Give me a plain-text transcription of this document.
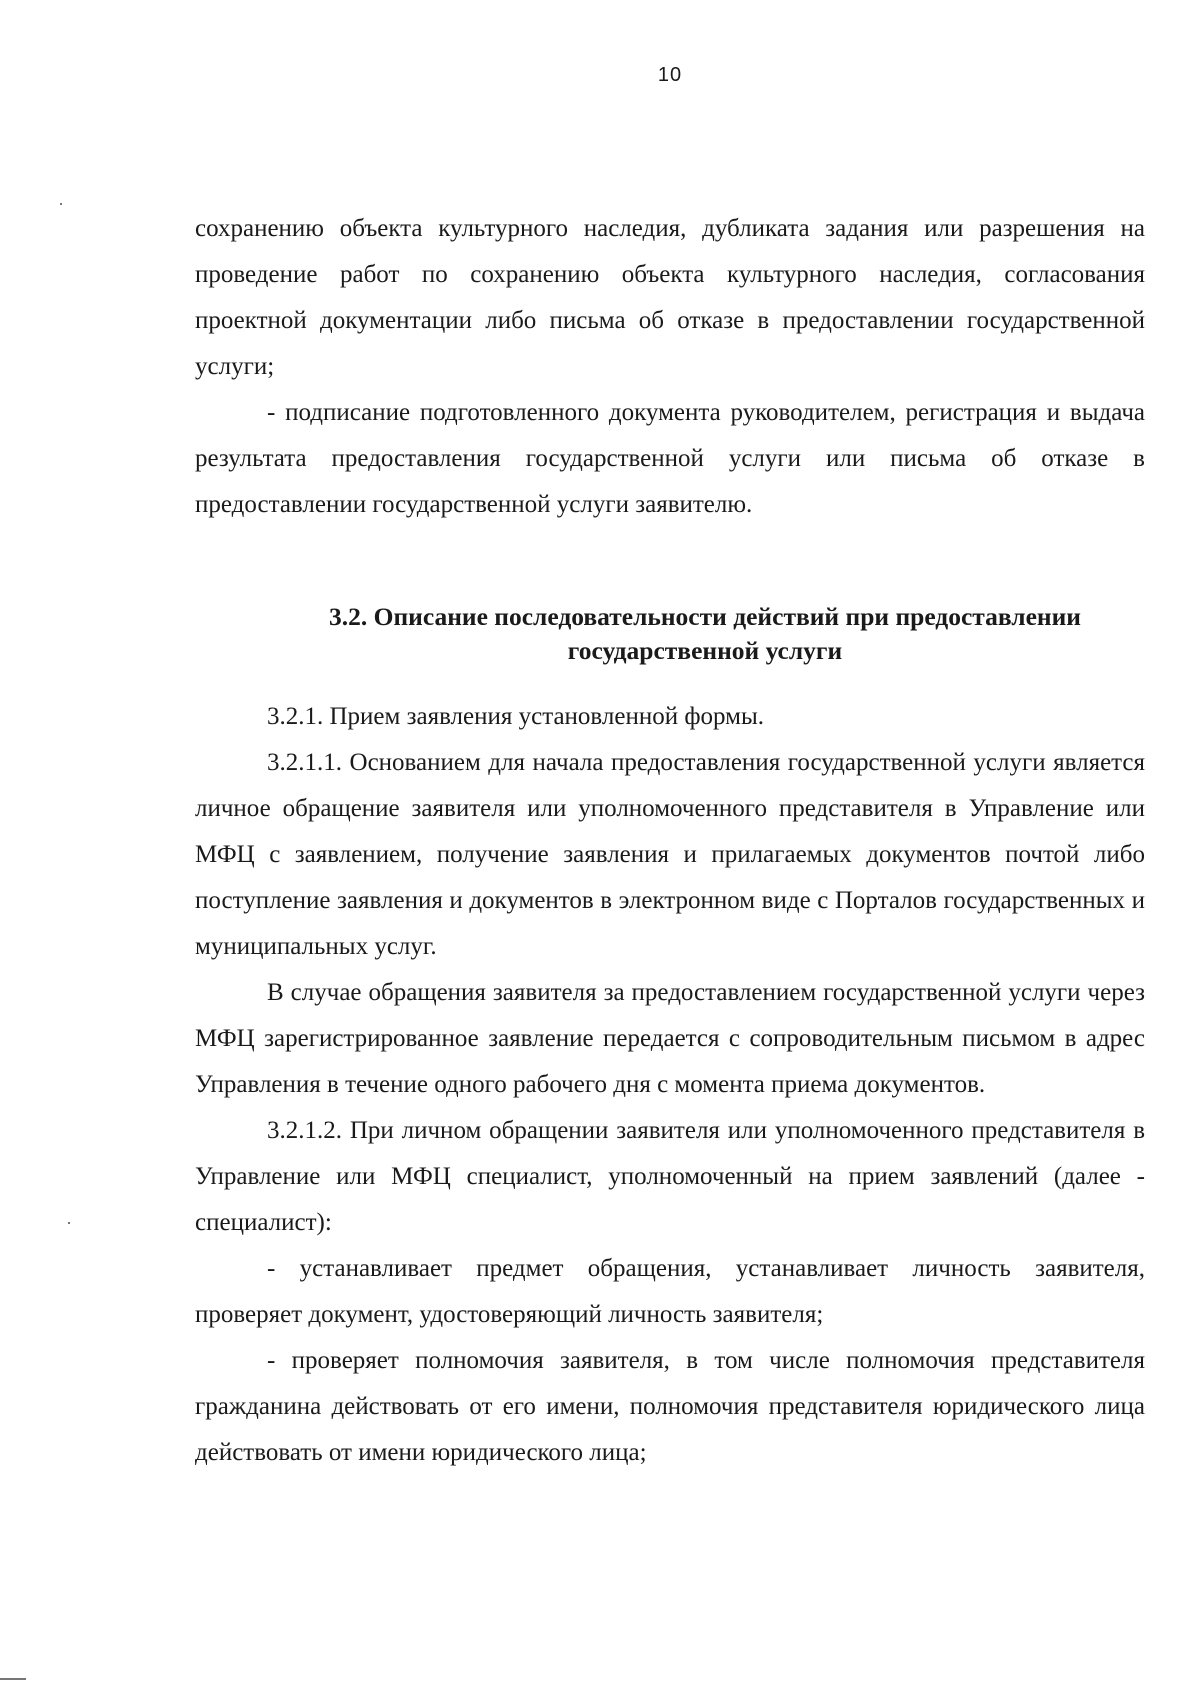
10

сохранению объекта культурного наследия, дубликата задания или разрешения на проведение работ по сохранению объекта культурного наследия, согласования проектной документации либо письма об отказе в предоставлении государственной услуги;

- подписание подготовленного документа руководителем, регистрация и выдача результата предоставления государственной услуги или письма об отказе в предоставлении государственной услуги заявителю.

3.2. Описание последовательности действий при предоставлении
государственной услуги

3.2.1. Прием заявления установленной формы.

3.2.1.1. Основанием для начала предоставления государственной услуги является личное обращение заявителя или уполномоченного представителя в Управление или МФЦ с заявлением, получение заявления и прилагаемых документов почтой либо поступление заявления и документов в электронном виде с Порталов государственных и муниципальных услуг.

В случае обращения заявителя за предоставлением государственной услуги через МФЦ зарегистрированное заявление передается с сопроводительным письмом в адрес Управления в течение одного рабочего дня с момента приема документов.

3.2.1.2. При личном обращении заявителя или уполномоченного представителя в Управление или МФЦ специалист, уполномоченный на прием заявлений (далее - специалист):

- устанавливает предмет обращения, устанавливает личность заявителя, проверяет документ, удостоверяющий личность заявителя;

- проверяет полномочия заявителя, в том числе полномочия представителя гражданина действовать от его имени, полномочия представителя юридического лица действовать от имени юридического лица;
